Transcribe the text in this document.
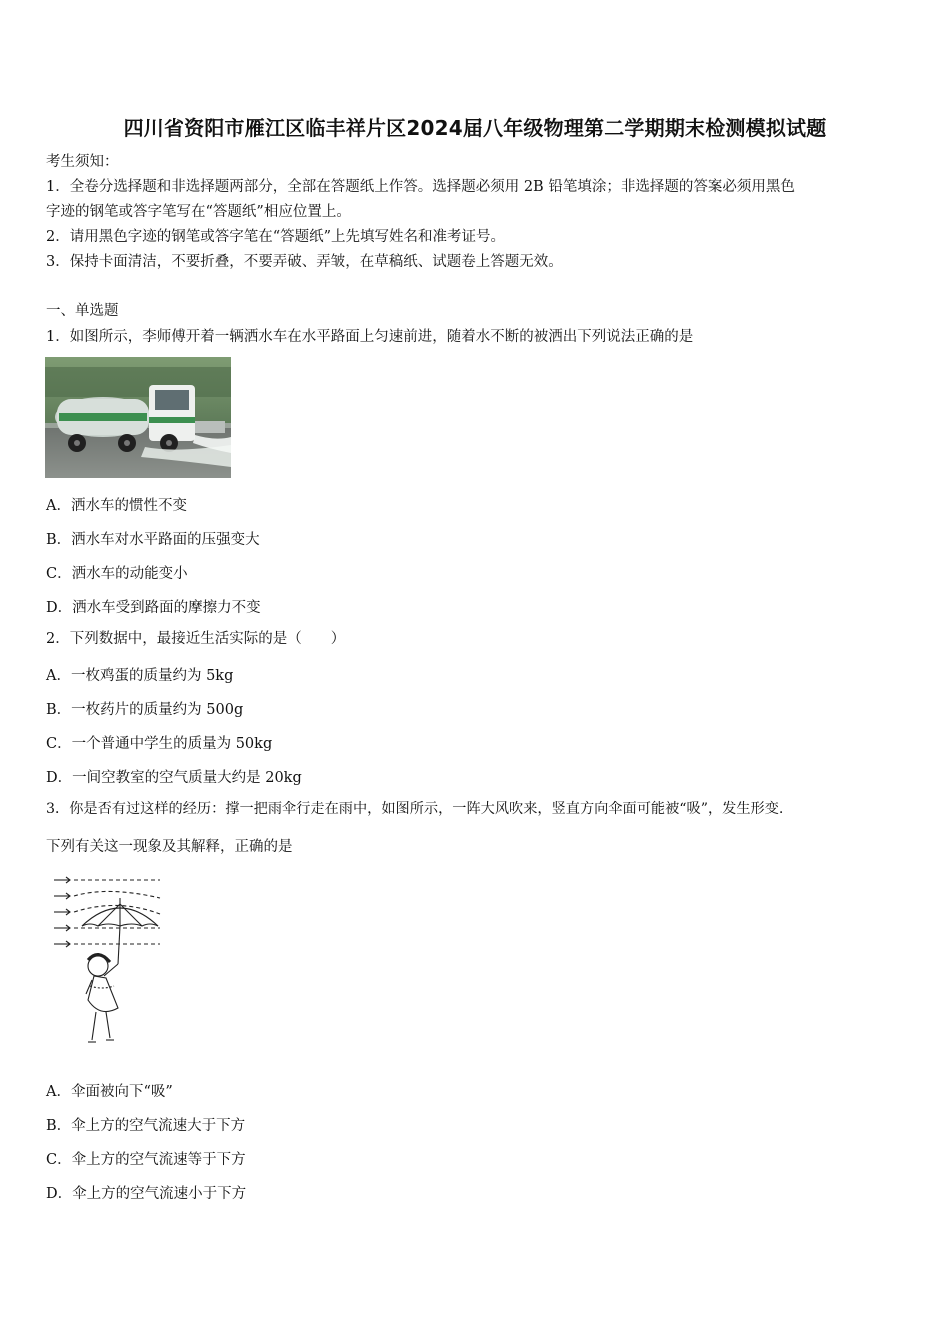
四川省资阳市雁江区临丰祥片区2024届八年级物理第二学期期末检测模拟试题
考生须知：
1．全卷分选择题和非选择题两部分，全部在答题纸上作答。选择题必须用 2B 铅笔填涂；非选择题的答案必须用黑色
字迹的钢笔或答字笔写在“答题纸”相应位置上。
2．请用黑色字迹的钢笔或答字笔在“答题纸”上先填写姓名和准考证号。
3．保持卡面清洁，不要折叠，不要弄破、弄皱，在草稿纸、试题卷上答题无效。
一、单选题
1．如图所示，李师傅开着一辆洒水车在水平路面上匀速前进，随着水不断的被洒出下列说法正确的是
A．洒水车的惯性不变
B．洒水车对水平路面的压强变大
C．洒水车的动能变小
D．洒水车受到路面的摩擦力不变
2．下列数据中，最接近生活实际的是（　　）
A．一枚鸡蛋的质量约为 5kg
B．一枚药片的质量约为 500g
C．一个普通中学生的质量为 50kg
D．一间空教室的空气质量大约是 20kg
3．你是否有过这样的经历：撑一把雨伞行走在雨中，如图所示，一阵大风吹来，竖直方向伞面可能被“吸”，发生形变.
下列有关这一现象及其解释，正确的是
A．伞面被向下“吸”
B．伞上方的空气流速大于下方
C．伞上方的空气流速等于下方
D．伞上方的空气流速小于下方
